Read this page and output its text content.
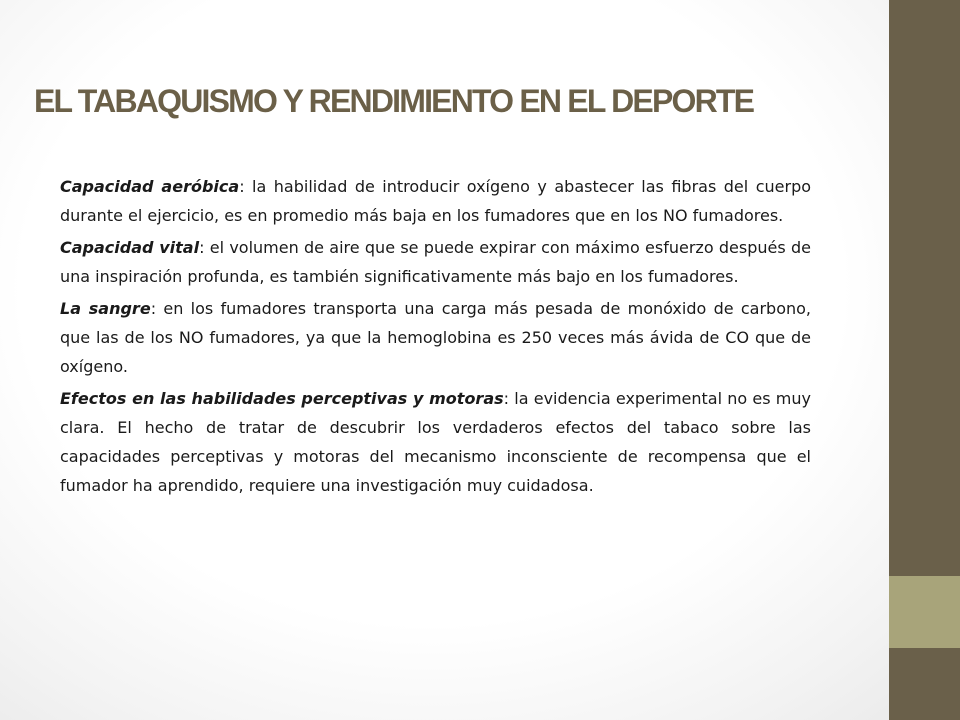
EL TABAQUISMO Y RENDIMIENTO EN EL DEPORTE

Capacidad aeróbica: la habilidad de introducir oxígeno y abastecer las fibras del cuerpo durante el ejercicio, es en promedio más baja en los fumadores que en los NO fumadores.

Capacidad vital: el volumen de aire que se puede expirar con máximo esfuerzo después de una inspiración profunda, es también significativamente más bajo en los fumadores.

La sangre: en los fumadores transporta una carga más pesada de monóxido de carbono, que las de los NO fumadores, ya que la hemoglobina es 250 veces más ávida de CO que de oxígeno.

Efectos en las habilidades perceptivas y motoras: la evidencia experimental no es muy clara. El hecho de tratar de descubrir los verdaderos efectos del tabaco sobre las capacidades perceptivas y motoras del mecanismo inconsciente de recompensa que el fumador ha aprendido, requiere una investigación muy cuidadosa.
